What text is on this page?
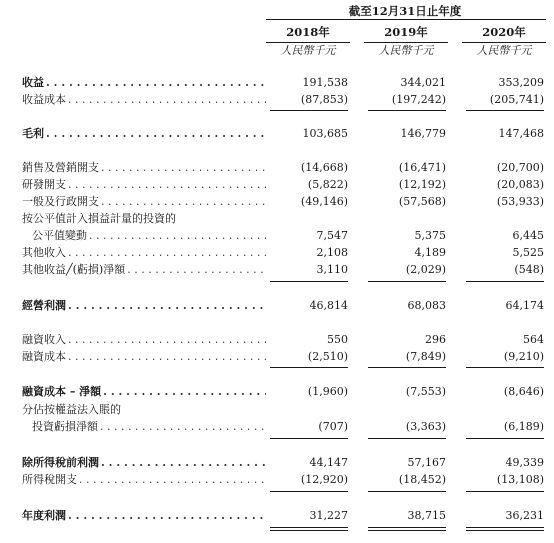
截至12月31日止年度
2018年
人民幣千元
2019年
人民幣千元
2020年
人民幣千元
收益 . . .	191,538	344,021	353,209
收益成本 . . .	(87,853)	(197,242)	(205,741)
毛利 . . .	103,685	146,779	147,468
銷售及營銷開支 . . .	(14,668)	(16,471)	(20,700)
研發開支 . . .	(5,822)	(12,192)	(20,083)
一般及行政開支 . . .	(49,146)	(57,568)	(53,933)
按公平值計入損益計量的投資的
公平值變動 . . .	7,547	5,375	6,445
其他收入 . . .	2,108	4,189	5,525
其他收益╱(虧損)淨額 . . .	3,110	(2,029)	(548)
經營利潤 . . .	46,814	68,083	64,174
融資收入 . . .	550	296	564
融資成本 . . .	(2,510)	(7,849)	(9,210)
融資成本 – 淨額 . . .	(1,960)	(7,553)	(8,646)
分佔按權益法入賬的
投資虧損淨額 . . .	(707)	(3,363)	(6,189)
除所得稅前利潤 . . .	44,147	57,167	49,339
所得稅開支 . . .	(12,920)	(18,452)	(13,108)
年度利潤 . . .	31,227	38,715	36,231
